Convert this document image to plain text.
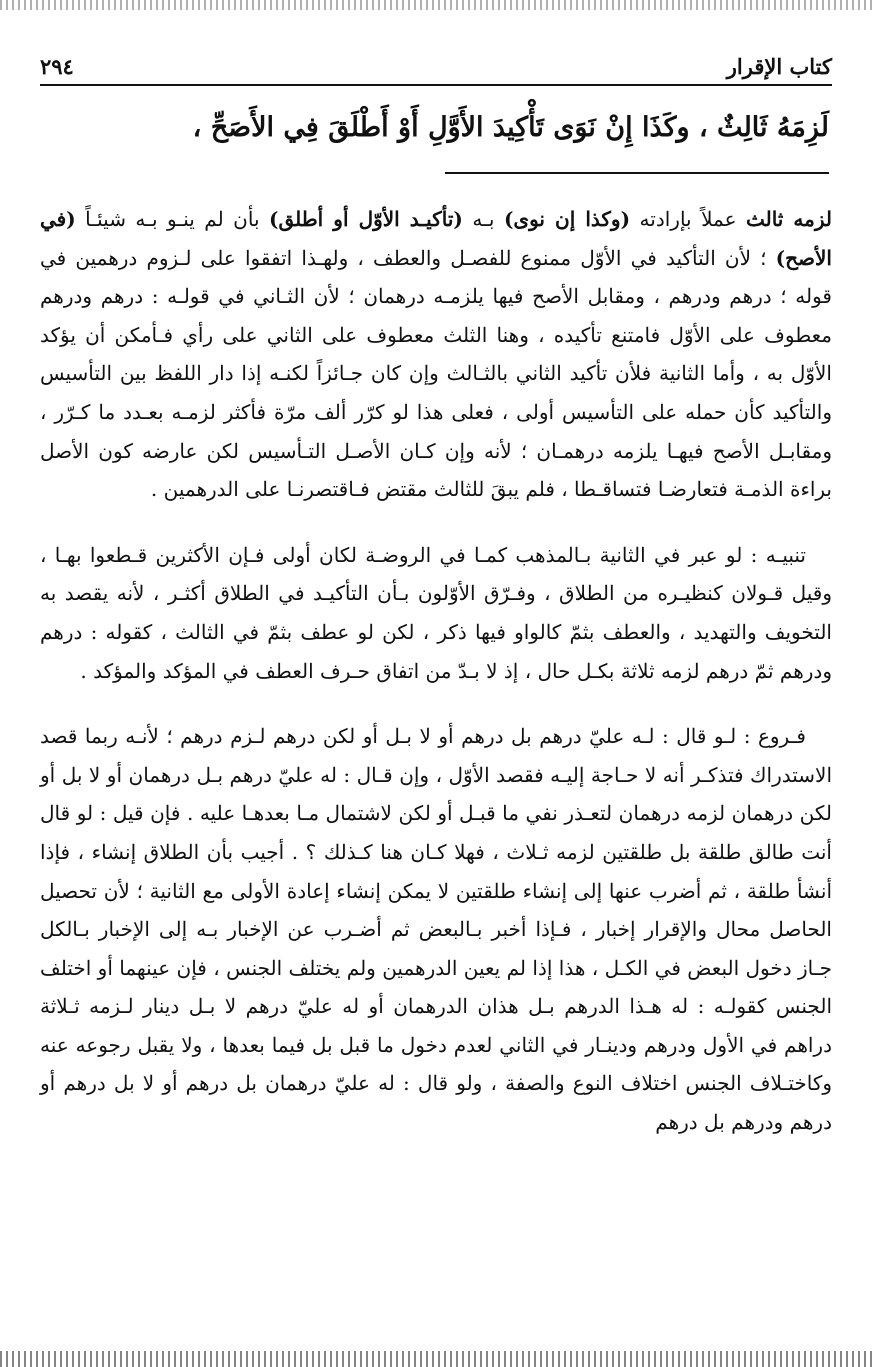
كتاب الإقرار
٢٩٤
لَزِمَهُ ثَالِثٌ ، وكَذَا إِنْ نَوَى تَأْكِيدَ الأَوَّلِ أَوْ أَطْلَقَ فِي الأَصَحِّ ،

لزمه ثالث عملاً بإرادته (وكذا إن نوى) بـه (تأكيـد الأوّل أو أطلق) بأن لم ينـو بـه شيئـاً (في الأصح) ؛ لأن التأكيد في الأوّل ممنوع للفصـل والعطف ، ولهـذا اتفقوا على لـزوم درهمين في قوله ؛ درهم ودرهم ، ومقابل الأصح فيها يلزمـه درهمان ؛ لأن الثـاني في قولـه : درهم ودرهم معطوف على الأوّل فامتنع تأكيده ، وهنا الثلث معطوف على الثاني على رأي فـأمكن أن يؤكد الأوّل به ، وأما الثانية فلأن تأكيد الثاني بالثـالث وإن كان جـائزاً لكنـه إذا دار اللفظ بين التأسيس والتأكيد كأن حمله على التأسيس أولى ، فعلى هذا لو كرّر ألف مرّة فأكثر لزمـه بعـدد ما كـرّر ، ومقابـل الأصح فيهـا يلزمه درهمـان ؛ لأنه وإن كـان الأصـل التـأسيس لكن عارضه كون الأصل براءة الذمـة فتعارضـا فتساقـطا ، فلم يبقَ للثالث مقتض فـاقتصرنـا على الدرهمين .

تنبيـه : لو عبر في الثانية بـالمذهب كمـا في الروضـة لكان أولى فـإن الأكثرين قـطعوا بهـا ، وقيل قـولان كنظيـره من الطلاق ، وفـرّق الأوّلون بـأن التأكيـد في الطلاق أكثـر ، لأنه يقصد به التخويف والتهديد ، والعطف بثمّ كالواو فيها ذكر ، لكن لو عطف بثمّ في الثالث ، كقوله : درهم ودرهم ثمّ درهم لزمه ثلاثة بكـل حال ، إذ لا بـدّ من اتفاق حـرف العطف في المؤكد والمؤكد .

فـروع : لـو قال : لـه عليّ درهم بل درهم أو لا بـل أو لكن درهم لـزم درهم ؛ لأنـه ربما قصد الاستدراك فتذكـر أنه لا حـاجة إليـه فقصد الأوّل ، وإن قـال : له عليّ درهم بـل درهمان أو لا بل أو لكن درهمان لزمه درهمان لتعـذر نفي ما قبـل أو لكن لاشتمال مـا بعدهـا عليه . فإن قيل : لو قال أنت طالق طلقة بل طلقتين لزمه ثـلاث ، فهلا كـان هنا كـذلك ؟ . أجيب بأن الطلاق إنشاء ، فإذا أنشأ طلقة ، ثم أضرب عنها إلى إنشاء طلقتين لا يمكن إنشاء إعادة الأولى مع الثانية ؛ لأن تحصيل الحاصل محال والإقرار إخبار ، فـإذا أخبر بـالبعض ثم أضـرب عن الإخبار بـه إلى الإخبار بـالكل جـاز دخول البعض في الكـل ، هذا إذا لم يعين الدرهمين ولم يختلف الجنس ، فإن عينهما أو اختلف الجنس كقولـه : له هـذا الدرهم بـل هذان الدرهمان أو له عليّ درهم لا بـل دينار لـزمه ثـلاثة دراهم في الأول ودرهم ودينـار في الثاني لعدم دخول ما قبل بل فيما بعدها ، ولا يقبل رجوعه عنه وكاختـلاف الجنس اختلاف النوع والصفة ، ولو قال : له عليّ درهمان بل درهم أو لا بل درهم أو درهم ودرهم بل درهم
